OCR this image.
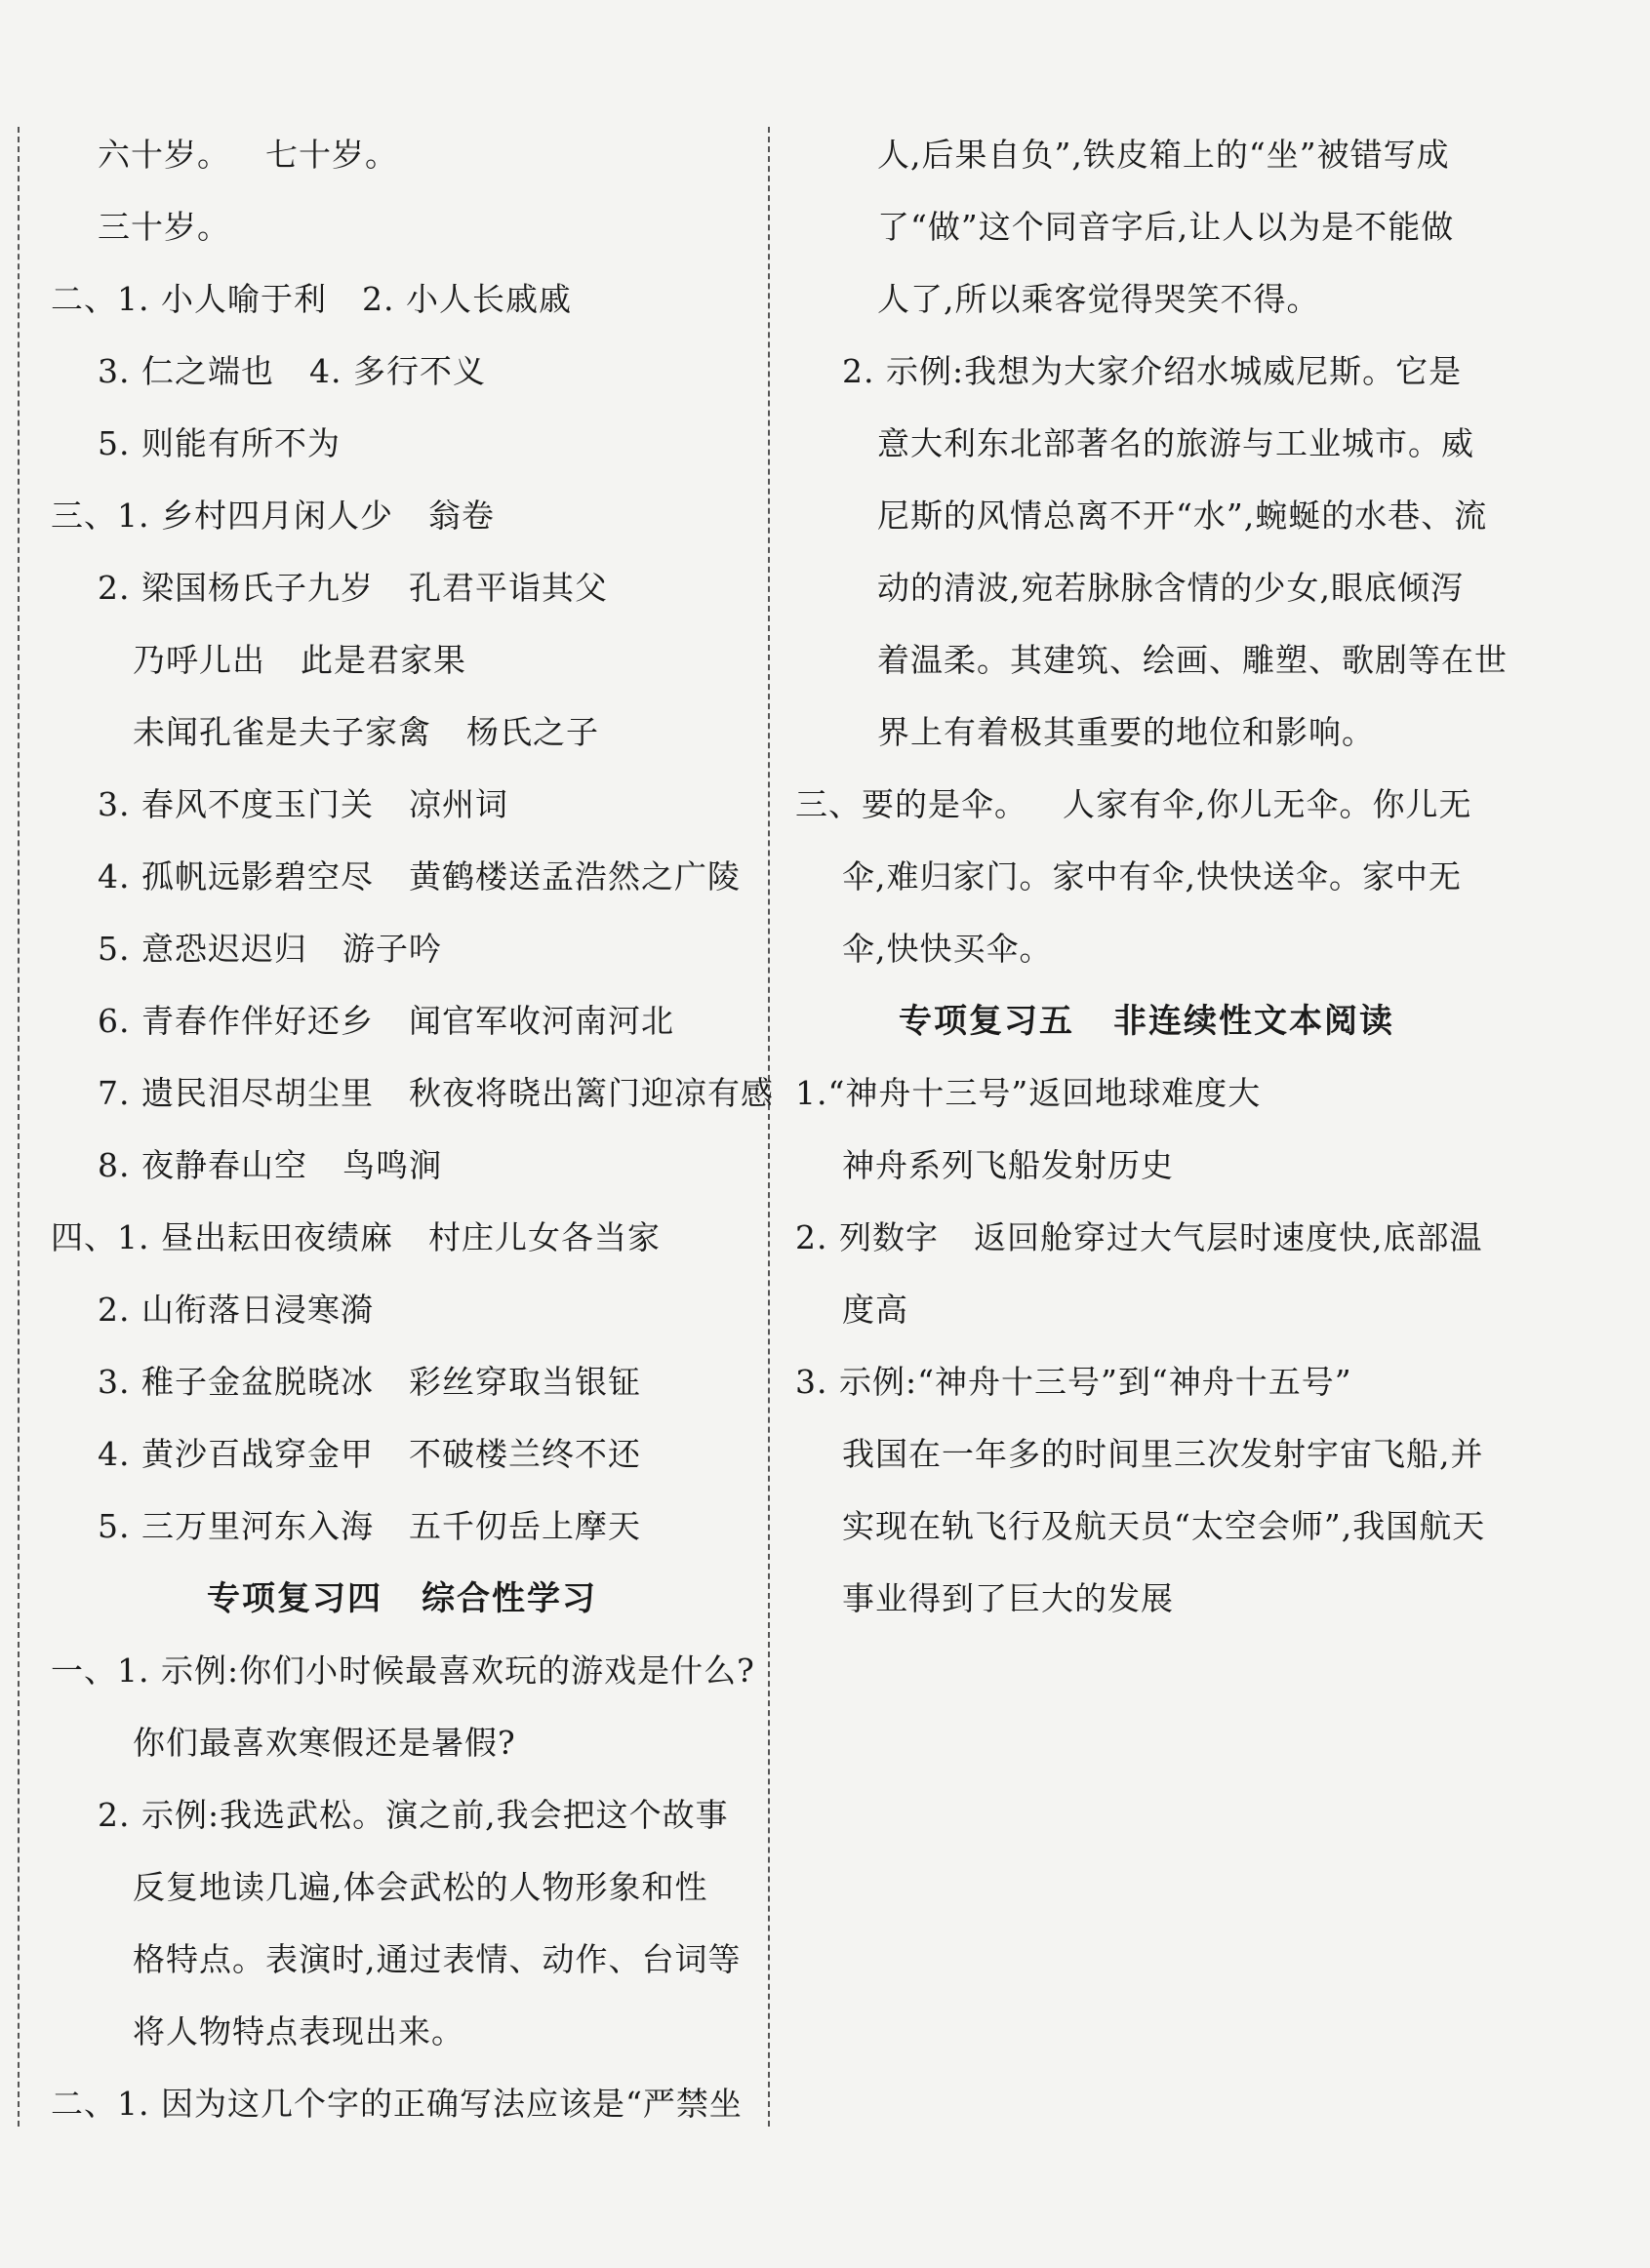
六十岁。 七十岁。
三十岁。
二、1. 小人喻于利 2. 小人长戚戚
3. 仁之端也 4. 多行不义
5. 则能有所不为
三、1. 乡村四月闲人少 翁卷
2. 梁国杨氏子九岁 孔君平诣其父
乃呼儿出 此是君家果
未闻孔雀是夫子家禽 杨氏之子
3. 春风不度玉门关 凉州词
4. 孤帆远影碧空尽 黄鹤楼送孟浩然之广陵
5. 意恐迟迟归 游子吟
6. 青春作伴好还乡 闻官军收河南河北
7. 遗民泪尽胡尘里 秋夜将晓出篱门迎凉有感
8. 夜静春山空 鸟鸣涧
四、1. 昼出耘田夜绩麻 村庄儿女各当家
2. 山衔落日浸寒漪
3. 稚子金盆脱晓冰 彩丝穿取当银钲
4. 黄沙百战穿金甲 不破楼兰终不还
5. 三万里河东入海 五千仞岳上摩天
专项复习四 综合性学习
一、1. 示例:你们小时候最喜欢玩的游戏是什么?
你们最喜欢寒假还是暑假?
2. 示例:我选武松。演之前,我会把这个故事
反复地读几遍,体会武松的人物形象和性
格特点。表演时,通过表情、动作、台词等
将人物特点表现出来。
二、1. 因为这几个字的正确写法应该是“严禁坐
人,后果自负”,铁皮箱上的“坐”被错写成
了“做”这个同音字后,让人以为是不能做
人了,所以乘客觉得哭笑不得。
2. 示例:我想为大家介绍水城威尼斯。它是
意大利东北部著名的旅游与工业城市。威
尼斯的风情总离不开“水”,蜿蜒的水巷、流
动的清波,宛若脉脉含情的少女,眼底倾泻
着温柔。其建筑、绘画、雕塑、歌剧等在世
界上有着极其重要的地位和影响。
三、要的是伞。 人家有伞,你儿无伞。你儿无
伞,难归家门。家中有伞,快快送伞。家中无
伞,快快买伞。
专项复习五 非连续性文本阅读
1.“神舟十三号”返回地球难度大
神舟系列飞船发射历史
2. 列数字 返回舱穿过大气层时速度快,底部温
度高
3. 示例:“神舟十三号”到“神舟十五号”
我国在一年多的时间里三次发射宇宙飞船,并
实现在轨飞行及航天员“太空会师”,我国航天
事业得到了巨大的发展
